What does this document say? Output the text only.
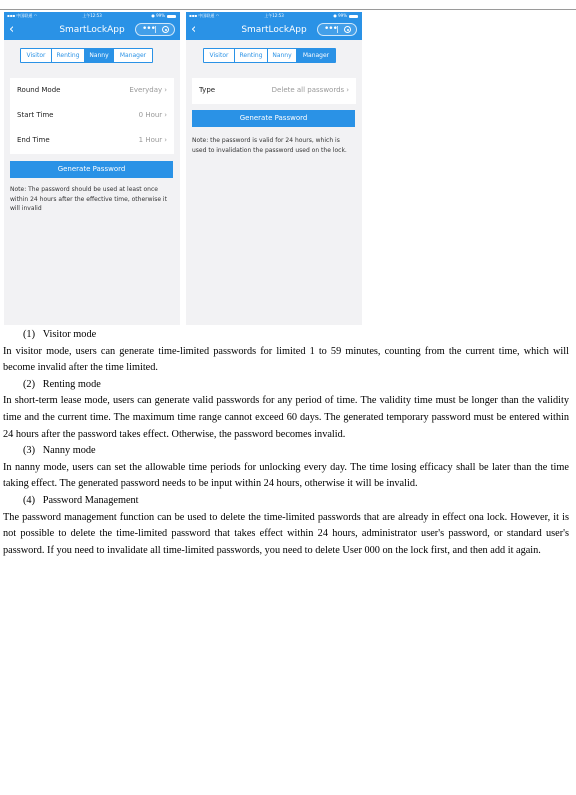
▪▪▪ 中国联通 ◠	上午12:53	● 99%
‹	SmartLockApp	•••
Visitor	Renting	Nanny	Manager
Round Mode	Everyday ›
Start Time	0 Hour ›
End Time	1 Hour ›
Generate Password
Note: The password should be used at least once within 24 hours after the effective time, otherwise it will invalid
▪▪▪ 中国联通 ◠	上午12:53	● 99%
‹	SmartLockApp	•••
Visitor	Renting	Nanny	Manager
Type	Delete all passwords ›
Generate Password
Note: the password is valid for 24 hours, which is used to invalidation the password used on the lock.

(1)   Visitor mode

In visitor mode, users can generate time-limited passwords for limited 1 to 59 minutes, counting from the current time, which will become invalid after the time limited.

(2)   Renting mode

In short-term lease mode, users can generate valid passwords for any period of time. The validity time must be longer than the validity time and the current time. The maximum time range cannot exceed 60 days. The generated temporary password must be entered within 24 hours after the password takes effect. Otherwise, the password becomes invalid.

(3)   Nanny mode

In nanny mode, users can set the allowable time periods for unlocking every day. The time losing efficacy shall be later than the time taking effect. The generated password needs to be input within 24 hours, otherwise it will be invalid.

(4)   Password Management

The password management function can be used to delete the time-limited passwords that are already in effect ona lock. However, it is not possible to delete the time-limited password that takes effect within 24 hours, administrator user's password, or standard user's password. If you need to invalidate all time-limited passwords, you need to delete User 000 on the lock first, and then add it again.
